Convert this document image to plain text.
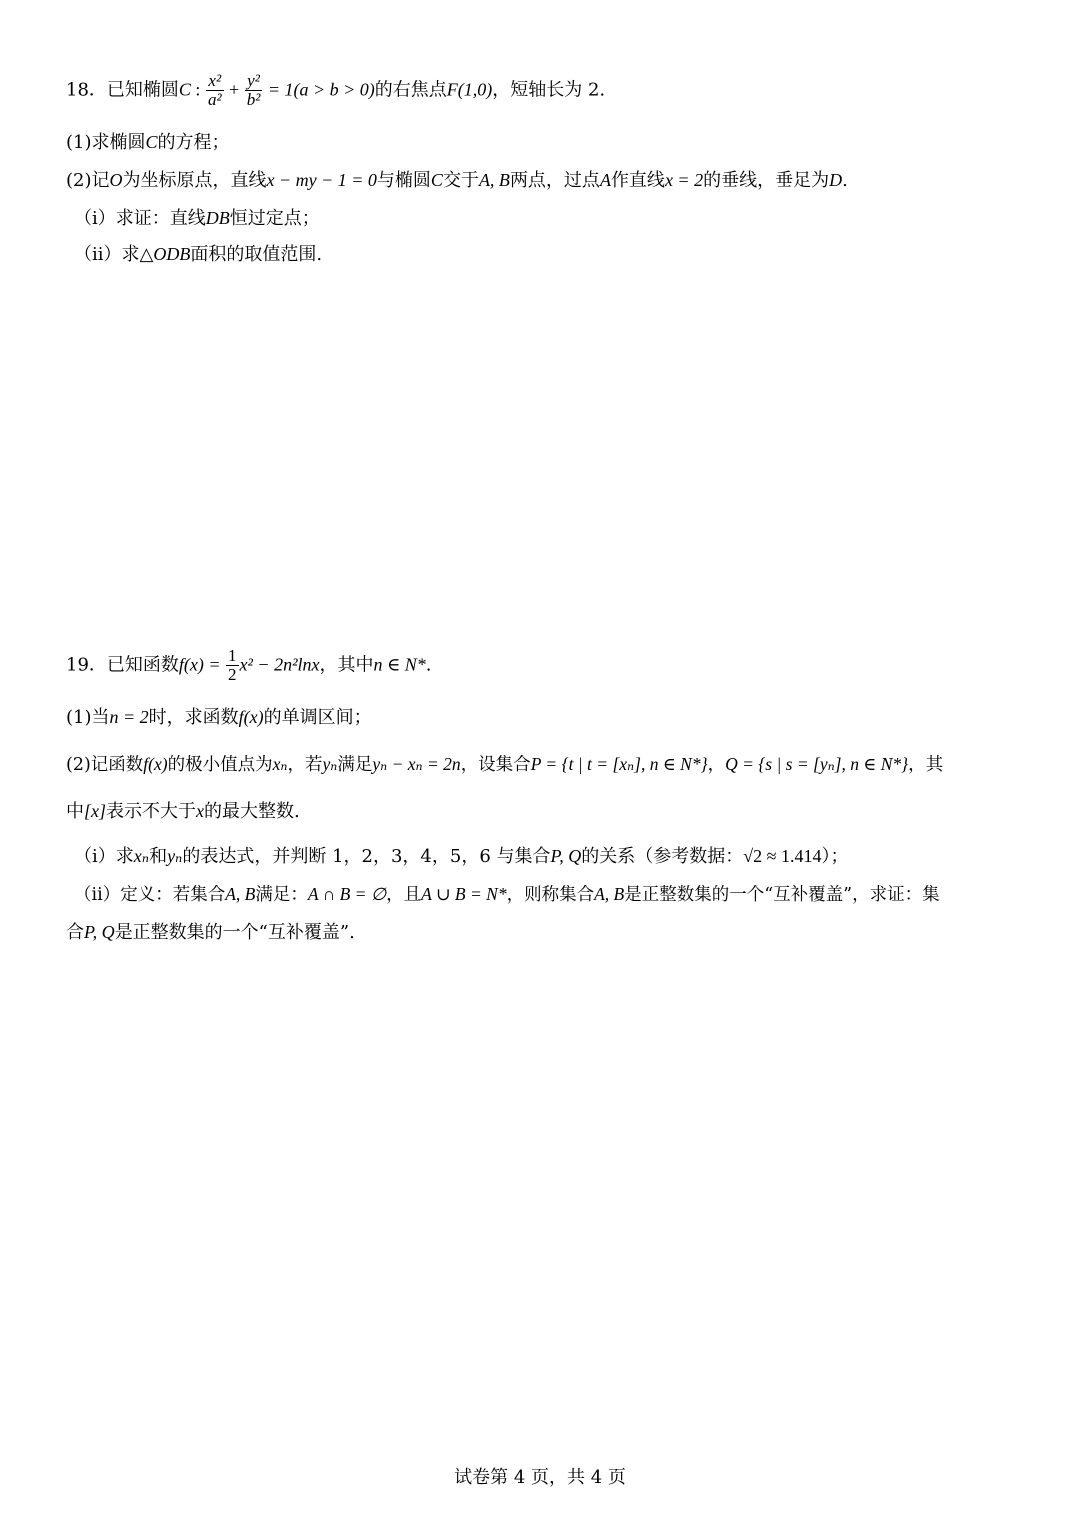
18．已知椭圆C : $\frac{\text{x²}}{\text{a²}} + \frac{\text{y²}}{\text{b²}} = 1(a > b > 0)$的右焦点F(1,0)，短轴长为 2.
(1)求椭圆C的方程；
(2)记O为坐标原点，直线x − my − 1 = 0与椭圆C交于A, B两点，过点A作直线x = 2的垂线，垂足为D.
（i）求证：直线DB恒过定点；
（ii）求△ODB面积的取值范围.
19．已知函数$f(x) = \frac{1}{2} x^2 - 2n^2\ln x$，其中n ∈ N*.
(1)当n = 2时，求函数f(x)的单调区间；
(2)记函数f(x)的极小值点为xₙ，若yₙ满足yₙ − xₙ = 2n，设集合P = {t | t = [xₙ], n ∈ N*}，Q = {s | s = [yₙ], n ∈ N*}，其
中[x]表示不大于x的最大整数.
（i）求xₙ和yₙ的表达式，并判断 1，2，3，4，5，6 与集合P, Q的关系（参考数据：√2 ≈ 1.414）；
（ii）定义：若集合A, B满足：A ∩ B = ∅，且A ∪ B = N*，则称集合A, B是正整数集的一个“互补覆盖”，求证：集
合P, Q是正整数集的一个“互补覆盖”.
试卷第 4 页，共 4 页
